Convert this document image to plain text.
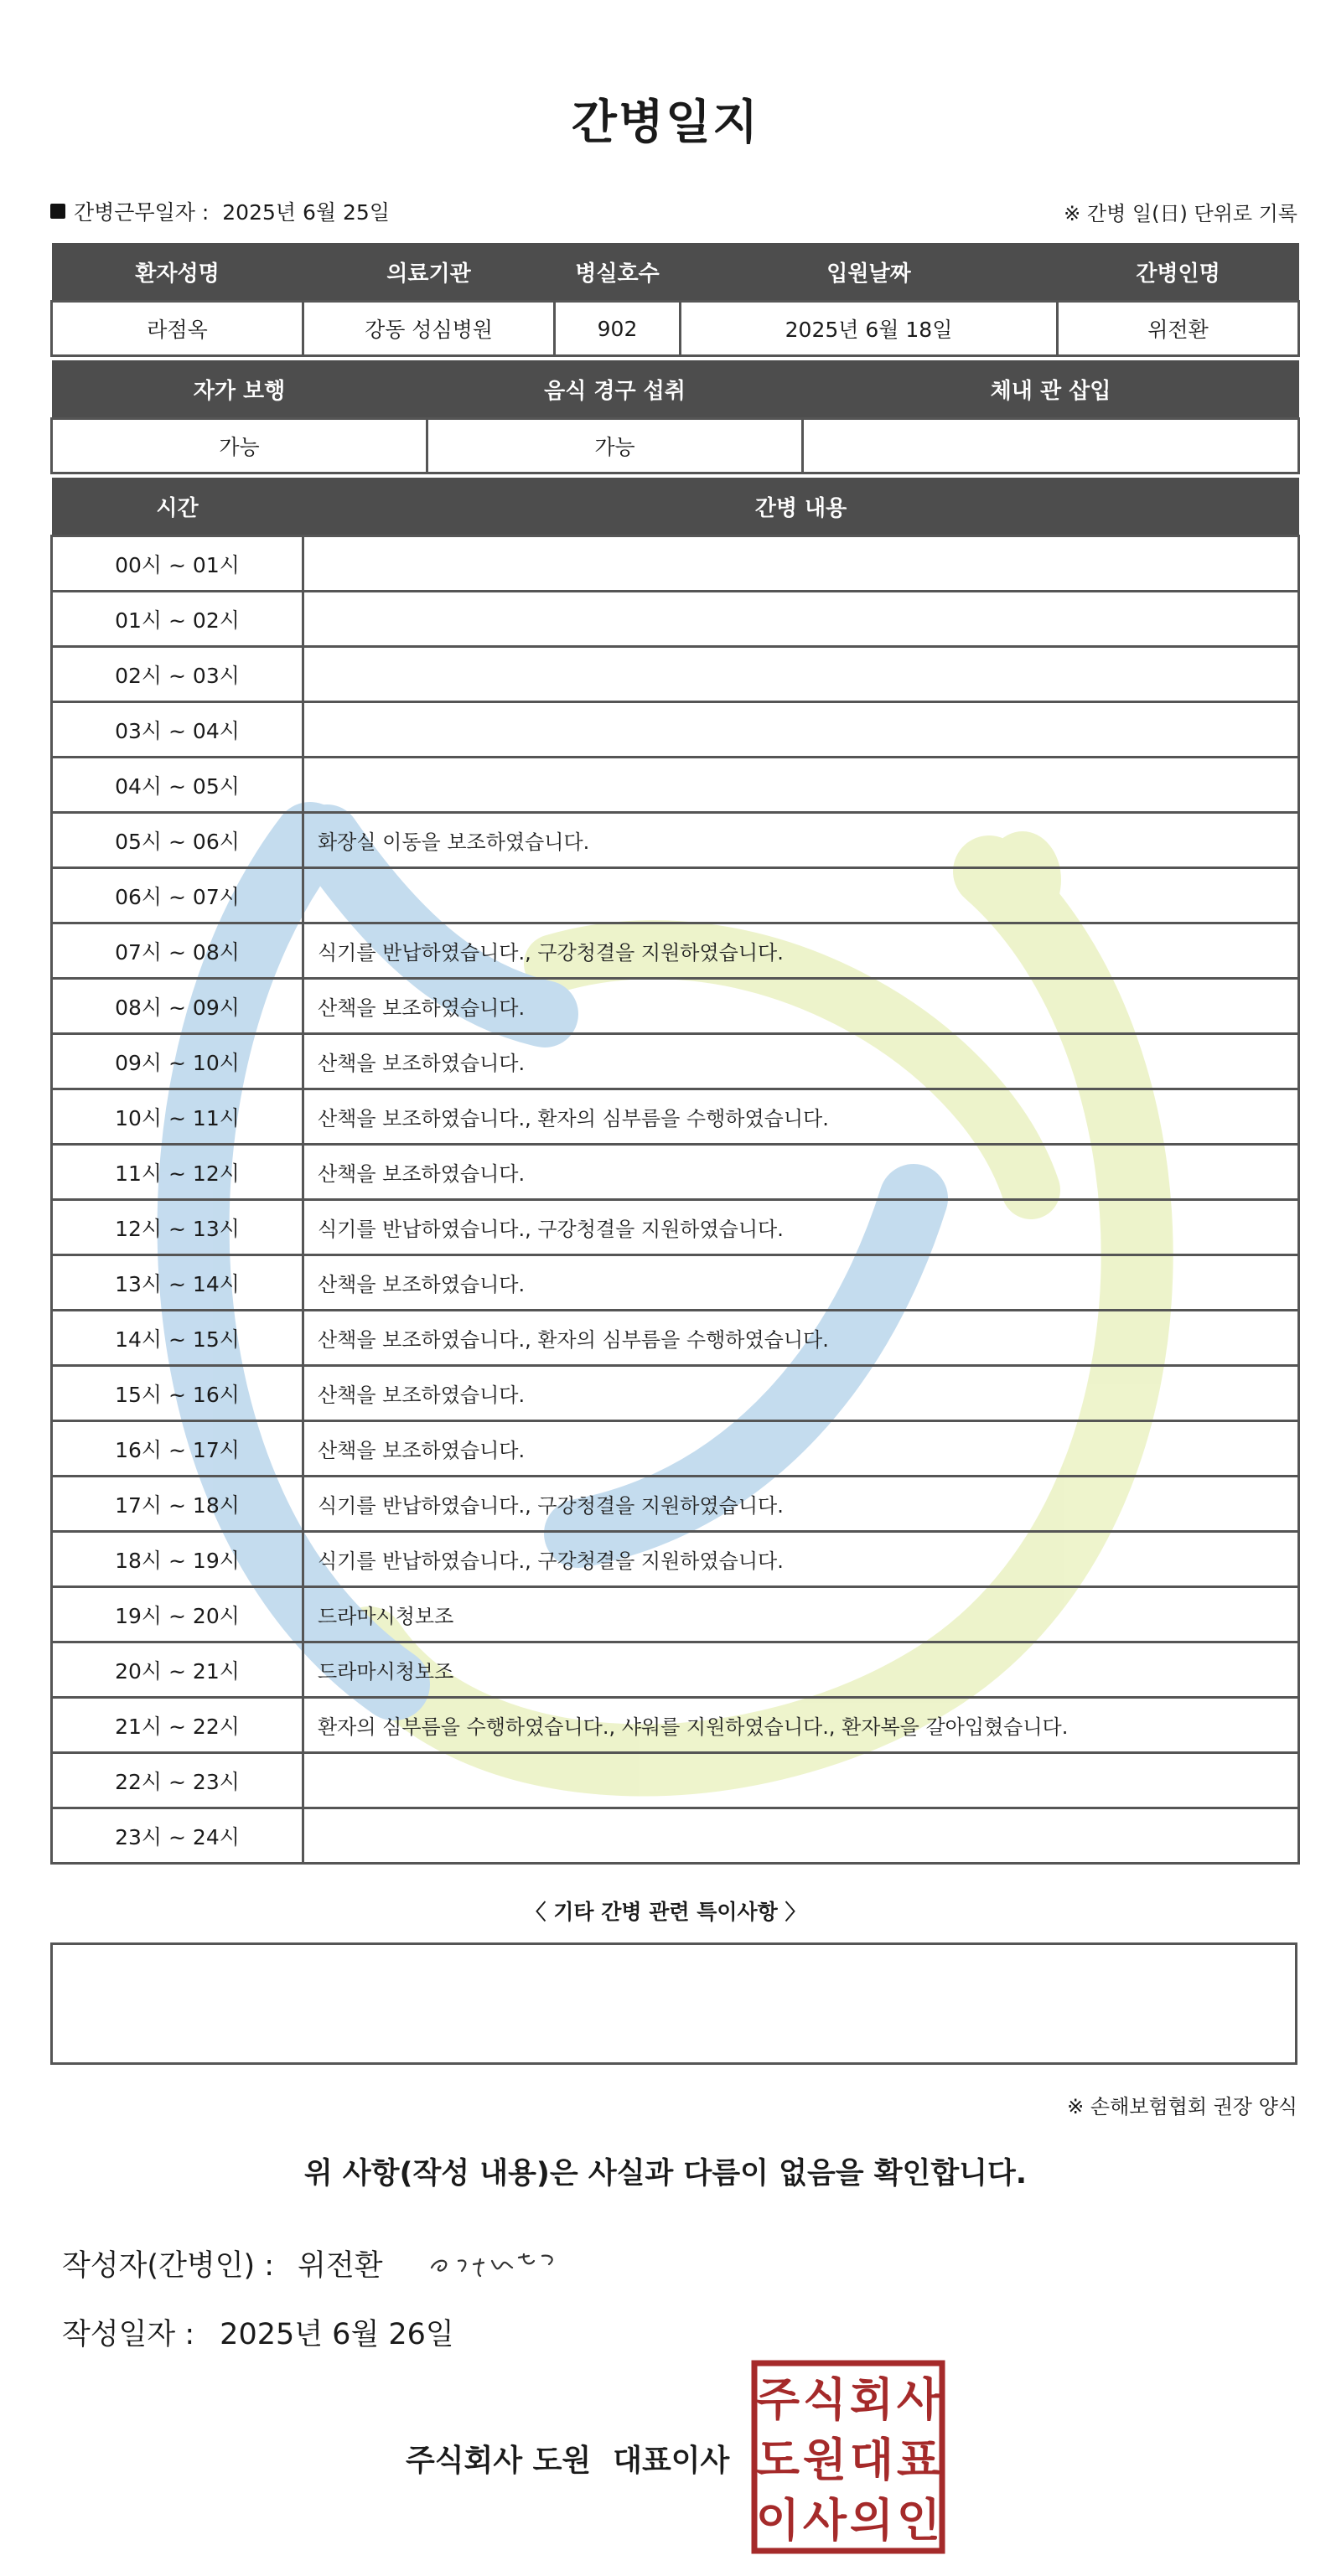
간병일지
간병근무일자 : 2025년 6월 25일	※ 간병 일(日) 단위로 기록
환자성명	의료기관	병실호수	입원날짜	간병인명
라점옥	강동 성심병원	902	2025년 6월 18일	위전환
자가 보행	음식 경구 섭취	체내 관 삽입
가능	가능	
시간	간병 내용
00시 ~ 01시	
01시 ~ 02시	
02시 ~ 03시	
03시 ~ 04시	
04시 ~ 05시	
05시 ~ 06시	화장실 이동을 보조하였습니다.
06시 ~ 07시	
07시 ~ 08시	식기를 반납하였습니다., 구강청결을 지원하였습니다.
08시 ~ 09시	산책을 보조하였습니다.
09시 ~ 10시	산책을 보조하였습니다.
10시 ~ 11시	산책을 보조하였습니다., 환자의 심부름을 수행하였습니다.
11시 ~ 12시	산책을 보조하였습니다.
12시 ~ 13시	식기를 반납하였습니다., 구강청결을 지원하였습니다.
13시 ~ 14시	산책을 보조하였습니다.
14시 ~ 15시	산책을 보조하였습니다., 환자의 심부름을 수행하였습니다.
15시 ~ 16시	산책을 보조하였습니다.
16시 ~ 17시	산책을 보조하였습니다.
17시 ~ 18시	식기를 반납하였습니다., 구강청결을 지원하였습니다.
18시 ~ 19시	식기를 반납하였습니다., 구강청결을 지원하였습니다.
19시 ~ 20시	드라마시청보조
20시 ~ 21시	드라마시청보조
21시 ~ 22시	환자의 심부름을 수행하였습니다., 샤워를 지원하였습니다., 환자복을 갈아입혔습니다.
22시 ~ 23시	
23시 ~ 24시	
〈 기타 간병 관련 특이사항 〉
※ 손해보험협회 권장 양식
위 사항(작성 내용)은 사실과 다름이 없음을 확인합니다.
작성자(간병인) : 위전환
작성일자 : 2025년 6월 26일
주식회사 도원 대표이사
주 식 회 사
도 원 대 표
이 사 의 인
